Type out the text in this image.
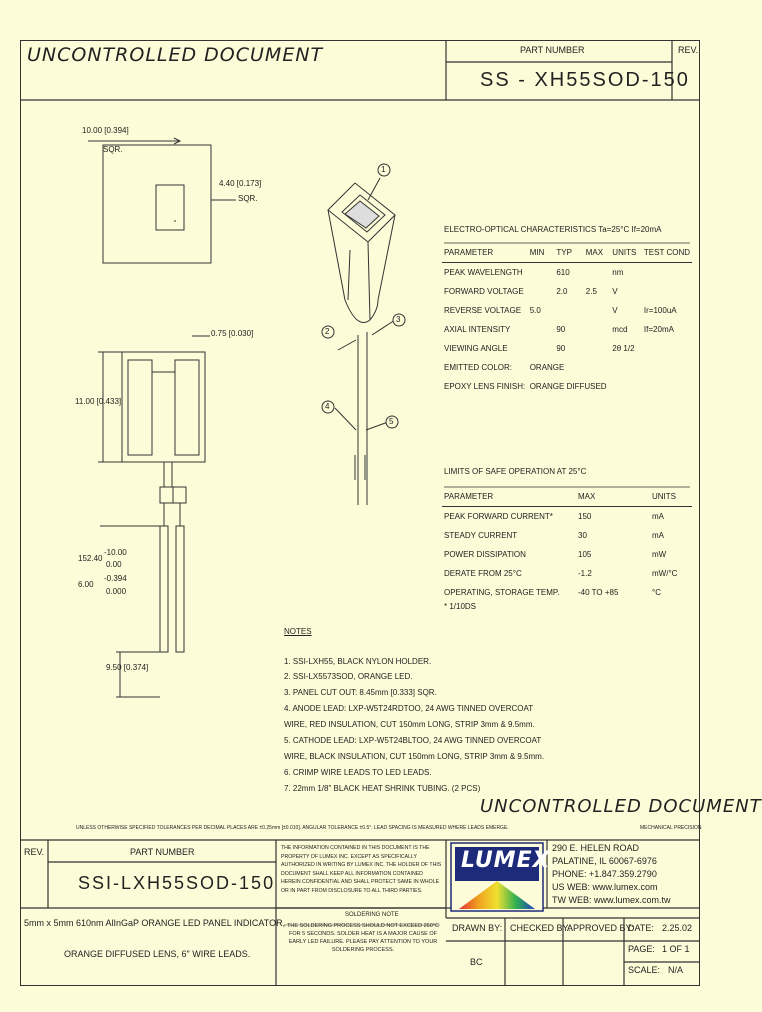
UNCONTROLLED DOCUMENT	PART NUMBER
SS - XH55SOD-150
REV.
10.00 [0.394]
SQR.
4.40 [0.173]
SQR.
0.75 [0.030]
11.00 [0.433]
152.40
-10.00
0.00
6.00
-0.394
0.000
9.50 [0.374]
1
2
3
4
5
ELECTRO-OPTICAL CHARACTERISTICS Ta=25°C If=20mA
PARAMETER	MIN	TYP	MAX	UNITS	TEST COND
PEAK WAVELENGTH		610		nm	
FORWARD VOLTAGE		2.0	2.5	V	
REVERSE VOLTAGE	5.0			V	Ir=100uA
AXIAL INTENSITY		90		mcd	If=20mA
VIEWING ANGLE		90		2θ 1/2	
EMITTED COLOR:	ORANGE				
EPOXY LENS FINISH:	ORANGE DIFFUSED				
LIMITS OF SAFE OPERATION AT 25°C
PARAMETER	MAX	UNITS
PEAK FORWARD CURRENT*	150	mA
STEADY CURRENT	30	mA
POWER DISSIPATION	105	mW
DERATE FROM 25°C	-1.2	mW/°C
OPERATING, STORAGE TEMP.	-40 TO +85	°C
* 1/10DS
NOTES
1. SSI-LXH55, BLACK NYLON HOLDER.
2. SSI-LX5573SOD, ORANGE LED.
3. PANEL CUT OUT: 8.45mm [0.333] SQR.
4. ANODE LEAD: LXP-W5T24RDTOO, 24 AWG TINNED OVERCOAT
WIRE, RED INSULATION, CUT 150mm LONG, STRIP 3mm & 9.5mm.
5. CATHODE LEAD: LXP-W5T24BLTOO, 24 AWG TINNED OVERCOAT
WIRE, BLACK INSULATION, CUT 150mm LONG, STRIP 3mm & 9.5mm.
6. CRIMP WIRE LEADS TO LED LEADS.
7. 22mm 1/8" BLACK HEAT SHRINK TUBING. (2 PCS)
UNCONTROLLED DOCUMENT
UNLESS OTHERWISE SPECIFIED TOLERANCES PER DECIMAL PLACES ARE ±0.25mm [±0.010]. ANGULAR TOLERANCE ±0.5°. LEAD SPACING IS MEASURED WHERE LEADS EMERGE.	MECHANICAL PRECISION
REV.	PART NUMBER
SSI-LXH55SOD-150
THE INFORMATION CONTAINED IN THIS DOCUMENT IS THE PROPERTY OF LUMEX INC. EXCEPT AS SPECIFICALLY AUTHORIZED IN WRITING BY LUMEX INC. THE HOLDER OF THIS DOCUMENT SHALL KEEP ALL INFORMATION CONTAINED HEREIN CONFIDENTIAL AND SHALL PROTECT SAME IN WHOLE OR IN PART FROM DISCLOSURE TO ALL THIRD PARTIES.
LUMEX 290 E. HELEN ROAD
PALATINE, IL 60067-6976
PHONE: +1.847.359.2790
US WEB: www.lumex.com
TW WEB: www.lumex.com.tw
5mm x 5mm 610nm AlInGaP ORANGE LED PANEL INDICATOR,
ORANGE DIFFUSED LENS, 6" WIRE LEADS.
SOLDERING NOTE
THE SOLDERING PROCESS SHOULD NOT EXCEED 260°C FOR 5 SECONDS. SOLDER HEAT IS A MAJOR CAUSE OF EARLY LED FAILURE. PLEASE PAY ATTENTION TO YOUR SOLDERING PROCESS.
DRAWN BY:
BC
CHECKED BY:
APPROVED BY:
DATE: 2.25.02
PAGE: 1 OF 1
SCALE: N/A
